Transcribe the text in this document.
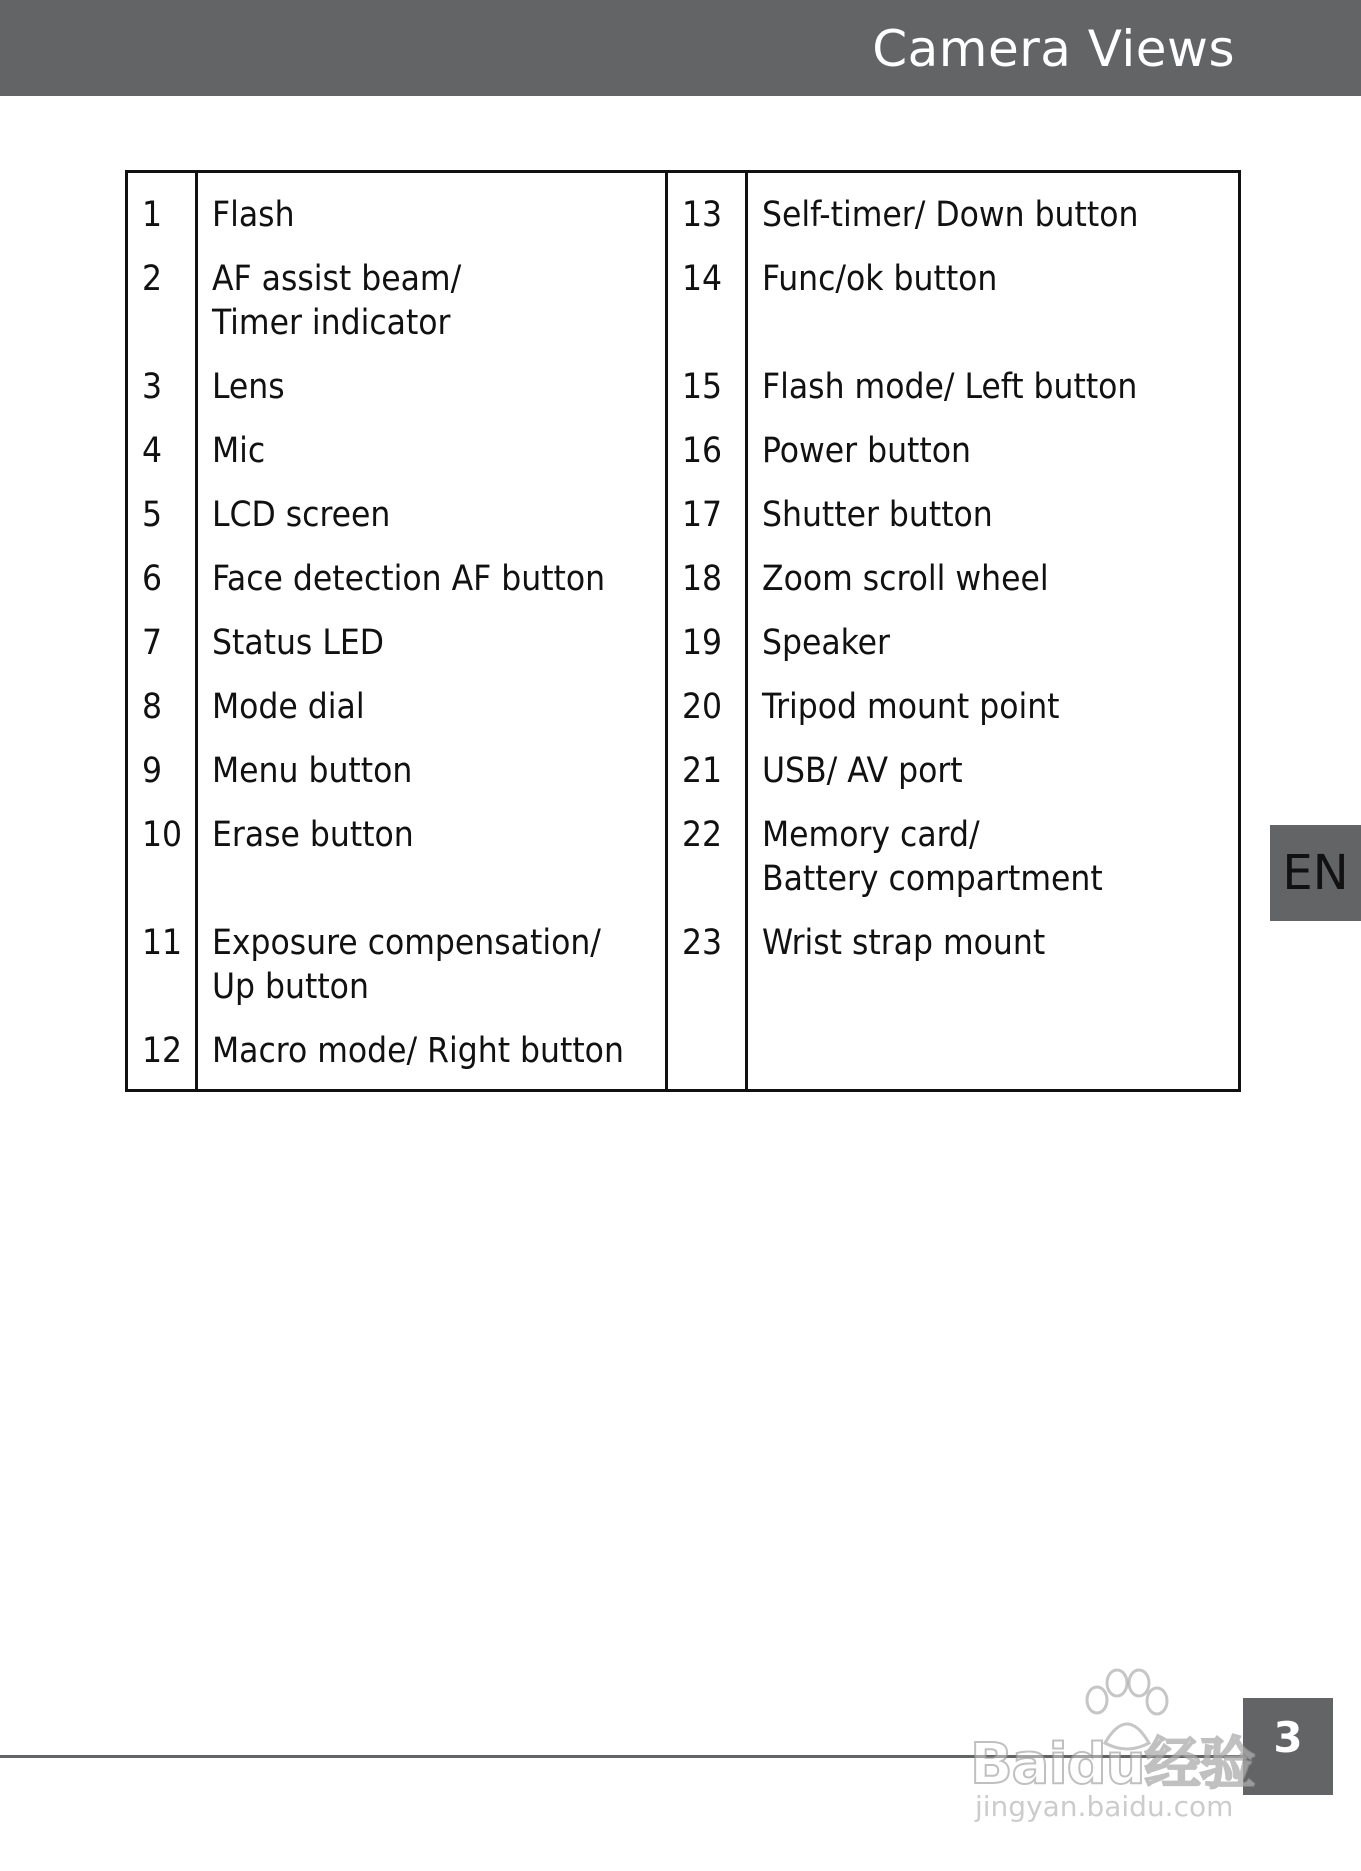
Camera Views

1	Flash	13	Self-timer/ Down button
2	AF assist beam/
Timer indicator	14	Func/ok button
3	Lens	15	Flash mode/ Left button
4	Mic	16	Power button
5	LCD screen	17	Shutter button
6	Face detection AF button	18	Zoom scroll wheel
7	Status LED	19	Speaker
8	Mode dial	20	Tripod mount point
9	Menu button	21	USB/ AV port
10	Erase button	22	Memory card/
Battery compartment
11	Exposure compensation/
Up button	23	Wrist strap mount
12	Macro mode/ Right button		
EN
3
Baidu经验
jingyan.baidu.com
